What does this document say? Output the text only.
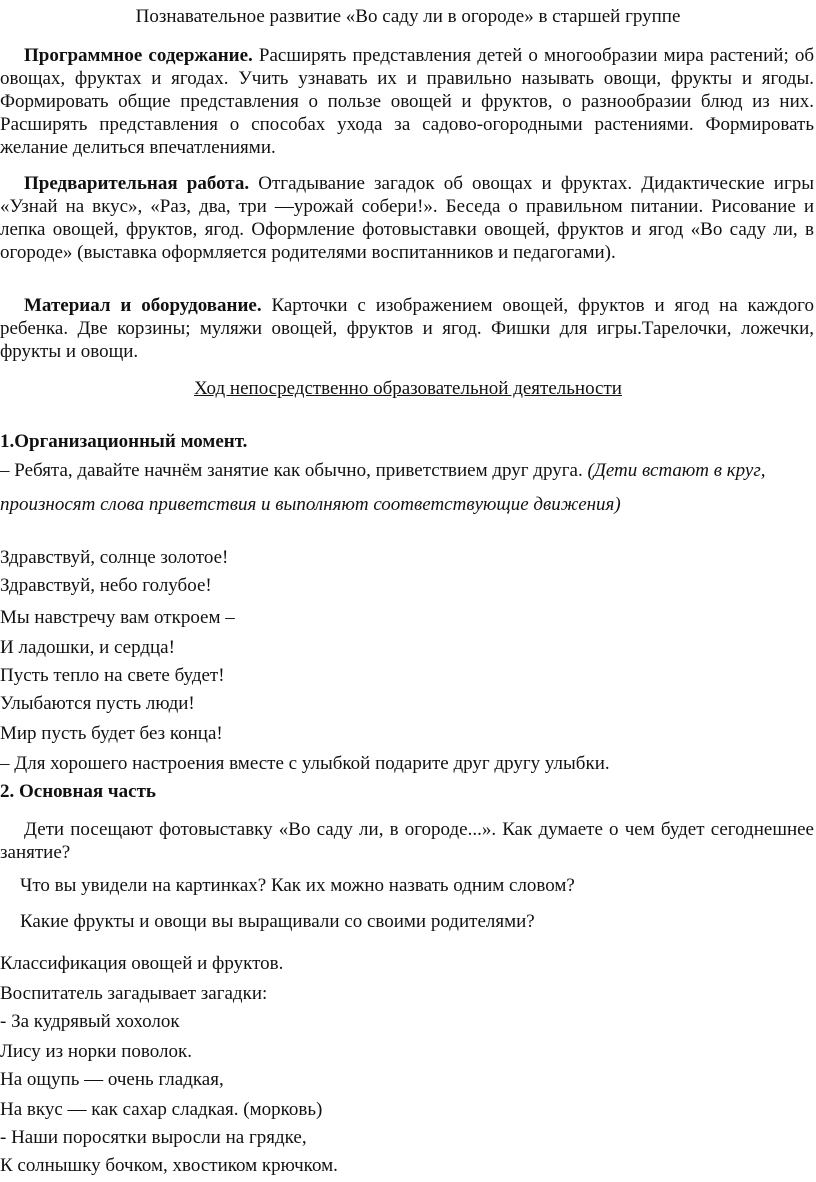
Познавательное развитие «Во саду ли в огороде» в старшей группе

Программное содержание. Расширять представления детей о многообразии мира растений; об овощах, фруктах и ягодах. Учить узнавать их и правильно называть овощи, фрукты и ягоды. Формировать общие представления о пользе овощей и фруктов, о разнообразии блюд из них. Расширять представления о способах ухода за садово-огородными растениями. Формировать желание делиться впечатлениями.

Предварительная работа. Отгадывание загадок об овощах и фруктах. Дидактические игры «Узнай на вкус», «Раз, два, три —урожай собери!». Беседа о правильном питании. Рисование и лепка овощей, фруктов, ягод. Оформление фотовыставки овощей, фруктов и ягод «Во саду ли, в огороде» (выставка оформляется родителями воспитанников и педагогами).

Материал и оборудование. Карточки с изображением овощей, фруктов и ягод на каждого ребенка. Две корзины; муляжи овощей, фруктов и ягод. Фишки для игры.Тарелочки, ложечки, фрукты и овощи.

Ход непосредственно образовательной деятельности
1.Организационный момент.
– Ребята, давайте начнём занятие как обычно, приветствием друг друга. (Дети встают в круг, произносят слова приветствия и выполняют соответствующие движения)
Здравствуй, солнце золотое!
Здравствуй, небо голубое!
Мы навстречу вам откроем –
И ладошки, и сердца!
Пусть тепло на свете будет!
Улыбаются пусть люди!
Мир пусть будет без конца!
– Для хорошего настроения вместе с улыбкой подарите друг другу улыбки.
2. Основная часть

Дети посещают фотовыставку «Во саду ли, в огороде...». Как думаете о чем будет сегоднешнее занятие?

Что вы увидели на картинках? Как их можно назвать одним словом?
Какие фрукты и овощи вы выращивали со своими родителями?
Классификация овощей и фруктов.
Воспитатель загадывает загадки:
- За кудрявый хохолок
Лису из норки поволок.
На ощупь — очень гладкая,
На вкус — как сахар сладкая. (морковь)
- Наши поросятки выросли на грядке,
К солнышку бочком, хвостиком крючком.
